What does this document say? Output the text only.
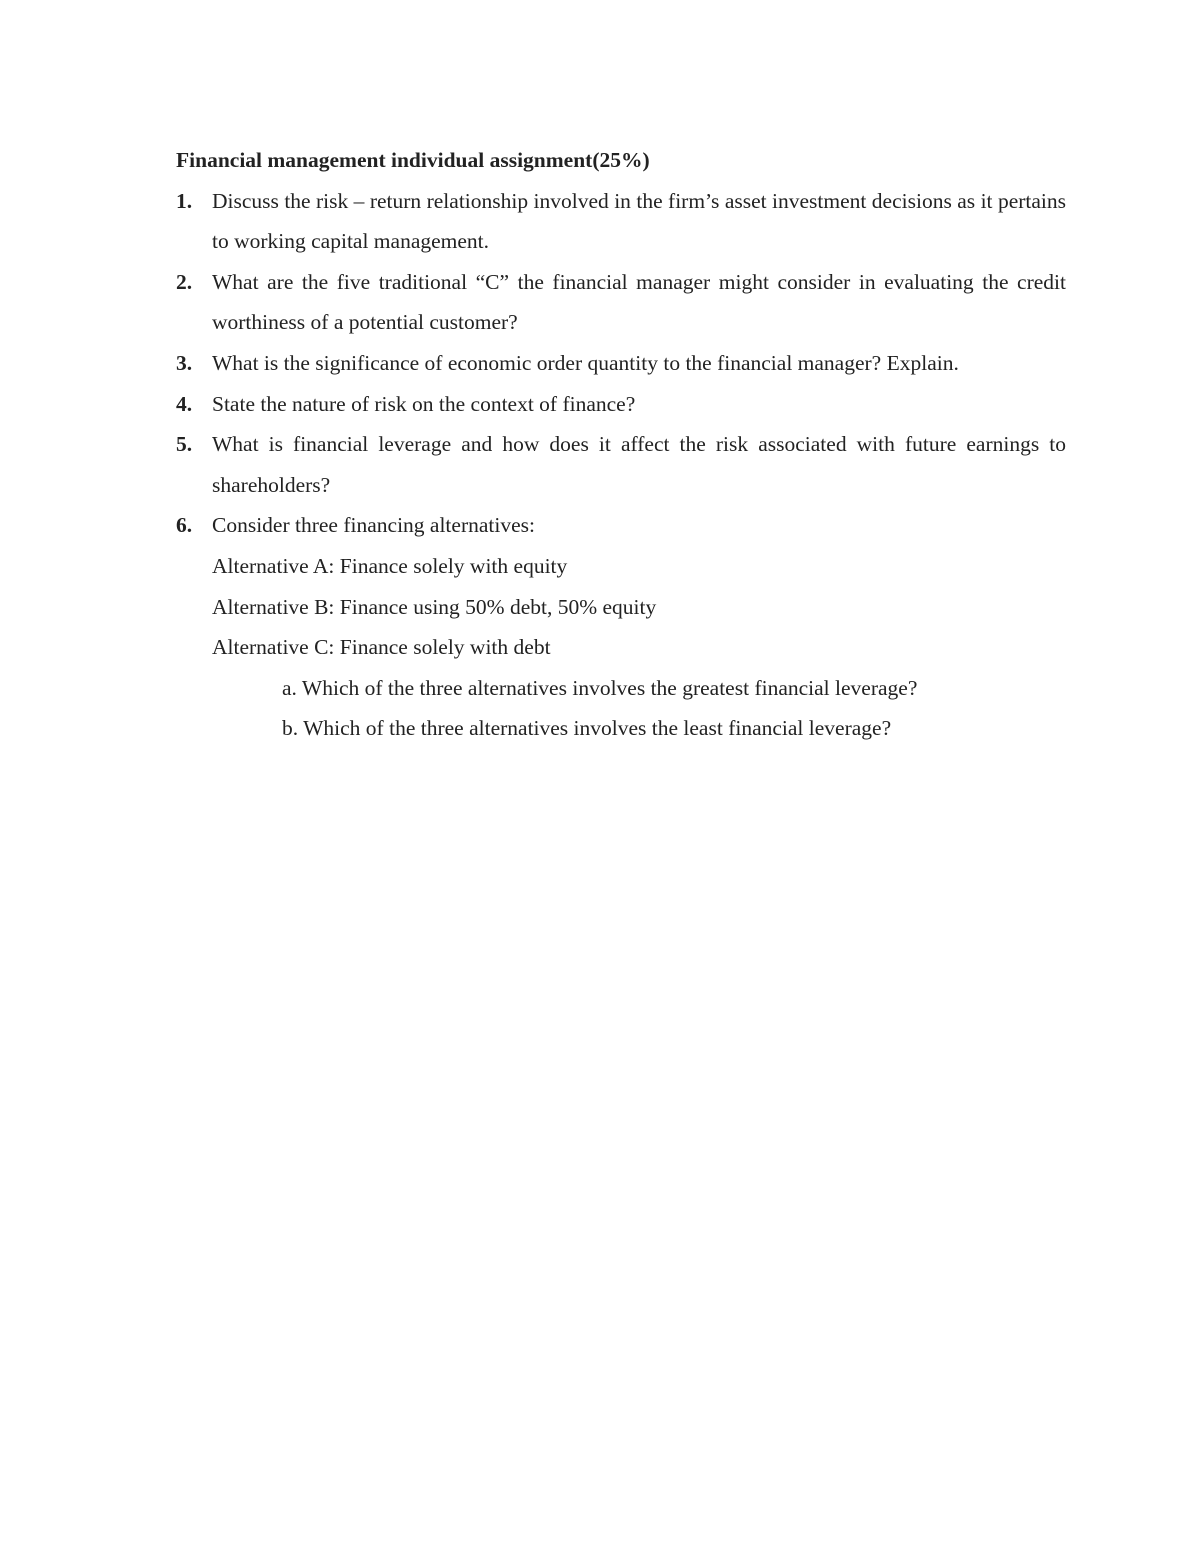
Financial management individual assignment(25%)
1. Discuss the risk – return relationship involved in the firm’s asset investment decisions as it pertains to working capital management.
2. What are the five traditional “C” the financial manager might consider in evaluating the credit worthiness of a potential customer?
3. What is the significance of economic order quantity to the financial manager? Explain.
4. State the nature of risk on the context of finance?
5. What is financial leverage and how does it affect the risk associated with future earnings to shareholders?
6. Consider three financing alternatives:
Alternative A: Finance solely with equity
Alternative B: Finance using 50% debt, 50% equity
Alternative C: Finance solely with debt
a. Which of the three alternatives involves the greatest financial leverage?
b. Which of the three alternatives involves the least financial leverage?
